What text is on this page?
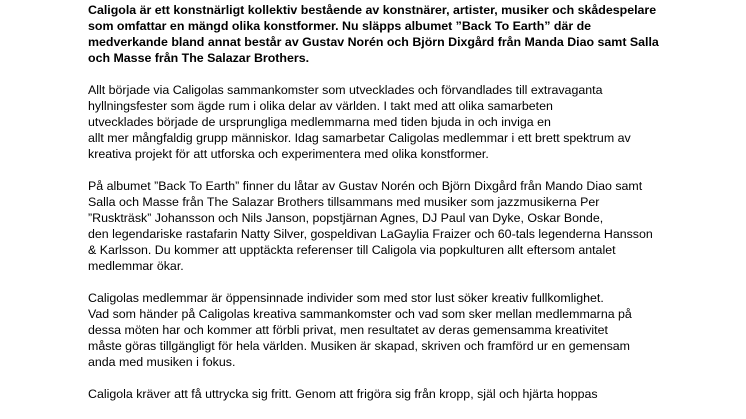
Caligola är ett konstnärligt kollektiv bestående av konstnärer, artister, musiker och skådespelare
som omfattar en mängd olika konstformer. Nu släpps albumet ”Back To Earth” där de
medverkande bland annat består av Gustav Norén och Björn Dixgård från Manda Diao samt Salla
och Masse från The Salazar Brothers.

Allt började via Caligolas sammankomster som utvecklades och förvandlades till extravaganta
hyllningsfester som ägde rum i olika delar av världen. I takt med att olika samarbeten
utvecklades började de ursprungliga medlemmarna med tiden bjuda in och inviga en
allt mer mångfaldig grupp människor. Idag samarbetar Caligolas medlemmar i ett brett spektrum av
kreativa projekt för att utforska och experimentera med olika konstformer.

På albumet ”Back To Earth” finner du låtar av Gustav Norén och Björn Dixgård från Mando Diao samt
Salla och Masse från The Salazar Brothers tillsammans med musiker som jazzmusikerna Per
”Ruskträsk” Johansson och Nils Janson, popstjärnan Agnes, DJ Paul van Dyke, Oskar Bonde,
den legendariske rastafarin Natty Silver, gospeldivan LaGaylia Fraizer och 60-tals legenderna Hansson
& Karlsson. Du kommer att upptäckta referenser till Caligola via popkulturen allt eftersom antalet
medlemmar ökar.

Caligolas medlemmar är öppensinnade individer som med stor lust söker kreativ fullkomlighet.
Vad som händer på Caligolas kreativa sammankomster och vad som sker mellan medlemmarna på
dessa möten har och kommer att förbli privat, men resultatet av deras gemensamma kreativitet
måste göras tillgängligt för hela världen. Musiken är skapad, skriven och framförd ur en gemensam
anda med musiken i fokus.

Caligola kräver att få uttrycka sig fritt. Genom att frigöra sig från kropp, själ och hjärta hoppas
